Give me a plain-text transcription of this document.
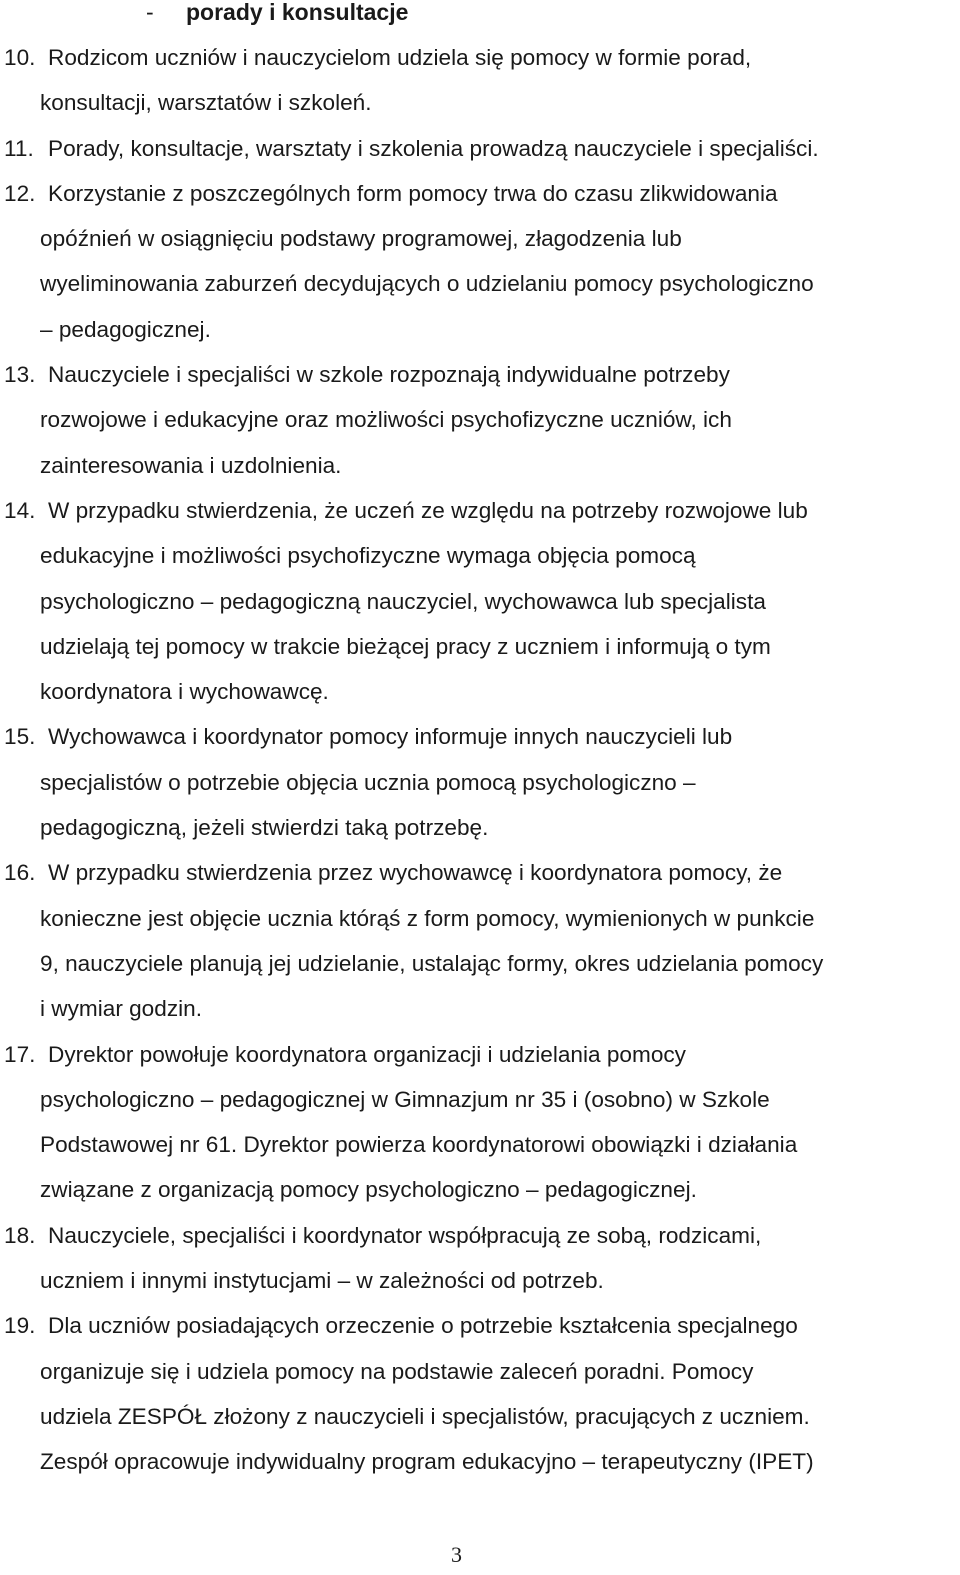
- porady i konsultacje
10. Rodzicom uczniów i nauczycielom udziela się pomocy w formie porad,
konsultacji, warsztatów i szkoleń.

11. Porady, konsultacje, warsztaty i szkolenia prowadzą nauczyciele i specjaliści.

12. Korzystanie z poszczególnych form pomocy trwa do czasu zlikwidowania
opóźnień w osiągnięciu podstawy programowej, złagodzenia lub
wyeliminowania zaburzeń decydujących o udzielaniu pomocy psychologiczno
– pedagogicznej.

13. Nauczyciele i specjaliści w szkole rozpoznają indywidualne potrzeby
rozwojowe i edukacyjne oraz możliwości psychofizyczne uczniów, ich
zainteresowania i uzdolnienia.

14. W przypadku stwierdzenia, że uczeń ze względu na potrzeby rozwojowe lub
edukacyjne i możliwości psychofizyczne wymaga objęcia pomocą
psychologiczno – pedagogiczną nauczyciel, wychowawca lub specjalista
udzielają tej pomocy w trakcie bieżącej pracy z uczniem i informują o tym
koordynatora i wychowawcę.

15. Wychowawca i koordynator pomocy informuje innych nauczycieli lub
specjalistów o potrzebie objęcia ucznia pomocą psychologiczno –
pedagogiczną, jeżeli stwierdzi taką potrzebę.

16. W przypadku stwierdzenia przez wychowawcę i koordynatora pomocy, że
konieczne jest objęcie ucznia którąś z form pomocy, wymienionych w punkcie
9, nauczyciele planują jej udzielanie, ustalając formy, okres udzielania pomocy
i wymiar godzin.

17. Dyrektor powołuje koordynatora organizacji i udzielania pomocy
psychologiczno – pedagogicznej w Gimnazjum nr 35 i (osobno) w Szkole
Podstawowej nr 61. Dyrektor powierza koordynatorowi obowiązki i działania
związane z organizacją pomocy psychologiczno – pedagogicznej.

18. Nauczyciele, specjaliści i koordynator współpracują ze sobą, rodzicami,
uczniem i innymi instytucjami – w zależności od potrzeb.

19. Dla uczniów posiadających orzeczenie o potrzebie kształcenia specjalnego
organizuje się i udziela pomocy na podstawie zaleceń poradni. Pomocy
udziela ZESPÓŁ złożony z nauczycieli i specjalistów, pracujących z uczniem.
Zespół opracowuje indywidualny program edukacyjno – terapeutyczny (IPET)

3
